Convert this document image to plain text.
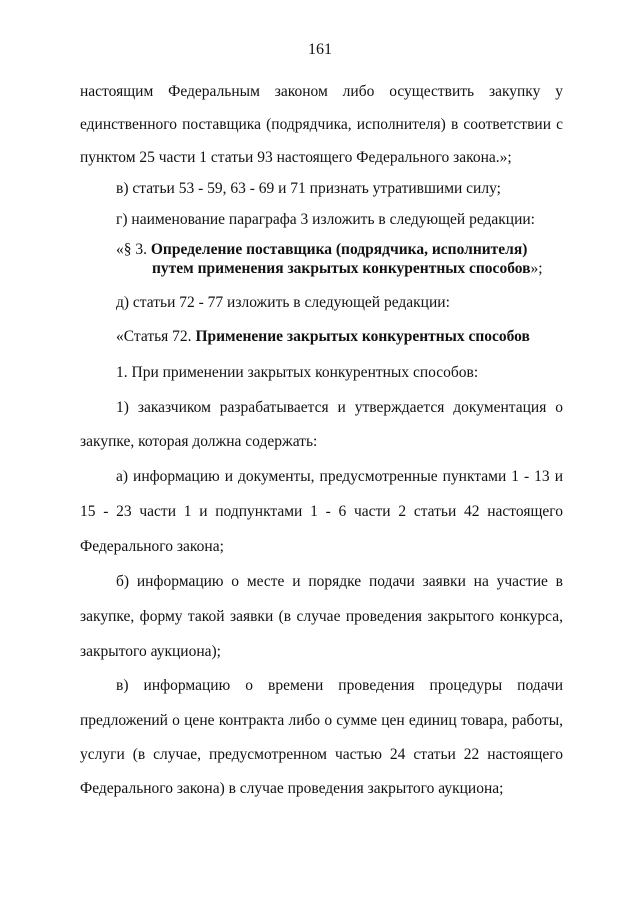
161
настоящим Федеральным законом либо осуществить закупку у
единственного поставщика (подрядчика, исполнителя) в соответствии с
пунктом 25 части 1 статьи 93 настоящего Федерального закона.»;
в) статьи 53 - 59, 63 - 69 и 71 признать утратившими силу;
г) наименование параграфа 3 изложить в следующей редакции:
«§ 3. Определение поставщика (подрядчика, исполнителя)
путем применения закрытых конкурентных способов»;
д) статьи 72 - 77 изложить в следующей редакции:
«Статья 72. Применение закрытых конкурентных способов
1. При применении закрытых конкурентных способов:
1) заказчиком разрабатывается и утверждается документация о
закупке, которая должна содержать:
а) информацию и документы, предусмотренные пунктами 1 - 13 и
15 - 23 части 1 и подпунктами 1 - 6 части 2 статьи 42 настоящего
Федерального закона;
б) информацию о месте и порядке подачи заявки на участие в
закупке, форму такой заявки (в случае проведения закрытого конкурса,
закрытого аукциона);
в) информацию о времени проведения процедуры подачи
предложений о цене контракта либо о сумме цен единиц товара, работы,
услуги (в случае, предусмотренном частью 24 статьи 22 настоящего
Федерального закона) в случае проведения закрытого аукциона;
